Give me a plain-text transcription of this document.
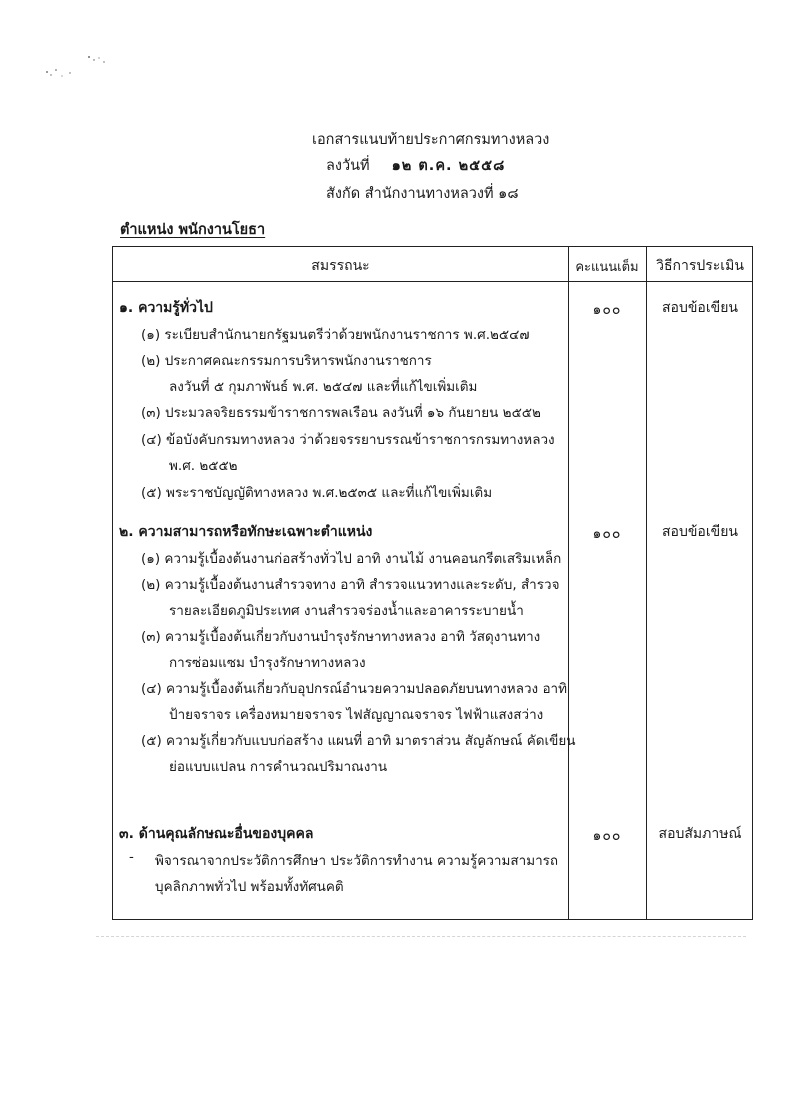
เอกสารแนบท้ายประกาศกรมทางหลวง
ลงวันที่ ๑๒ ต.ค. ๒๕๕๘
สังกัด สำนักงานทางหลวงที่ ๑๘
ตำแหน่ง พนักงานโยธา
สมรรถนะ	คะแนนเต็ม	วิธีการประเมิน
๑. ความรู้ทั่วไป	๑๐๐	สอบข้อเขียน
(๑) ระเบียบสำนักนายกรัฐมนตรีว่าด้วยพนักงานราชการ พ.ศ.๒๕๔๗
(๒) ประกาศคณะกรรมการบริหารพนักงานราชการ
ลงวันที่ ๕ กุมภาพันธ์ พ.ศ. ๒๕๔๗ และที่แก้ไขเพิ่มเติม
(๓) ประมวลจริยธรรมข้าราชการพลเรือน ลงวันที่ ๑๖ กันยายน ๒๕๕๒
(๔) ข้อบังคับกรมทางหลวง ว่าด้วยจรรยาบรรณข้าราชการกรมทางหลวง
พ.ศ. ๒๕๕๒
(๕) พระราชบัญญัติทางหลวง พ.ศ.๒๕๓๕ และที่แก้ไขเพิ่มเติม
๒. ความสามารถหรือทักษะเฉพาะตำแหน่ง	๑๐๐	สอบข้อเขียน
(๑) ความรู้เบื้องต้นงานก่อสร้างทั่วไป อาทิ งานไม้ งานคอนกรีตเสริมเหล็ก
(๒) ความรู้เบื้องต้นงานสำรวจทาง อาทิ สำรวจแนวทางและระดับ, สำรวจ
รายละเอียดภูมิประเทศ งานสำรวจร่องน้ำและอาคารระบายน้ำ
(๓) ความรู้เบื้องต้นเกี่ยวกับงานบำรุงรักษาทางหลวง อาทิ วัสดุงานทาง
การซ่อมแซม บำรุงรักษาทางหลวง
(๔) ความรู้เบื้องต้นเกี่ยวกับอุปกรณ์อำนวยความปลอดภัยบนทางหลวง อาทิ
ป้ายจราจร เครื่องหมายจราจร ไฟสัญญาณจราจร ไฟฟ้าแสงสว่าง
(๕) ความรู้เกี่ยวกับแบบก่อสร้าง แผนที่ อาทิ มาตราส่วน สัญลักษณ์ คัดเขียน
ย่อแบบแปลน การคำนวณปริมาณงาน
๓. ด้านคุณลักษณะอื่นของบุคคล	๑๐๐	สอบสัมภาษณ์
- พิจารณาจากประวัติการศึกษา ประวัติการทำงาน ความรู้ความสามารถ
บุคลิกภาพทั่วไป พร้อมทั้งทัศนคติ
